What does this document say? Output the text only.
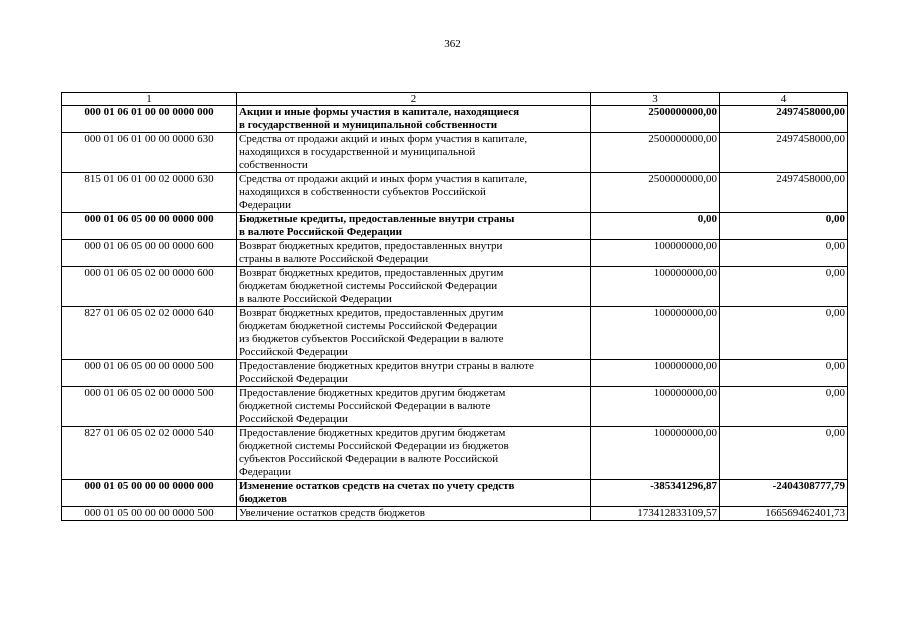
362
1	2	3	4
000 01 06 01 00 00 0000 000	Акции и иные формы участия в капитале, находящиеся
в государственной и муниципальной собственности	2500000000,00	2497458000,00
000 01 06 01 00 00 0000 630	Средства от продажи акций и иных форм участия в капитале,
находящихся в государственной и муниципальной
собственности	2500000000,00	2497458000,00
815 01 06 01 00 02 0000 630	Средства от продажи акций и иных форм участия в капитале,
находящихся в собственности субъектов Российской
Федерации	2500000000,00	2497458000,00
000 01 06 05 00 00 0000 000	Бюджетные кредиты, предоставленные внутри страны
в валюте Российской Федерации	0,00	0,00
000 01 06 05 00 00 0000 600	Возврат бюджетных кредитов, предоставленных внутри
страны в валюте Российской Федерации	100000000,00	0,00
000 01 06 05 02 00 0000 600	Возврат бюджетных кредитов, предоставленных другим
бюджетам бюджетной системы Российской Федерации
в валюте Российской Федерации	100000000,00	0,00
827 01 06 05 02 02 0000 640	Возврат бюджетных кредитов, предоставленных другим
бюджетам бюджетной системы Российской Федерации
из бюджетов субъектов Российской Федерации в валюте
Российской Федерации	100000000,00	0,00
000 01 06 05 00 00 0000 500	Предоставление бюджетных кредитов внутри страны в валюте
Российской Федерации	100000000,00	0,00
000 01 06 05 02 00 0000 500	Предоставление бюджетных кредитов другим бюджетам
бюджетной системы Российской Федерации в валюте
Российской Федерации	100000000,00	0,00
827 01 06 05 02 02 0000 540	Предоставление бюджетных кредитов другим бюджетам
бюджетной системы Российской Федерации из бюджетов
субъектов Российской Федерации в валюте Российской
Федерации	100000000,00	0,00
000 01 05 00 00 00 0000 000	Изменение остатков средств на счетах по учету средств
бюджетов	-385341296,87	-2404308777,79
000 01 05 00 00 00 0000 500	Увеличение остатков средств бюджетов	173412833109,57	166569462401,73
